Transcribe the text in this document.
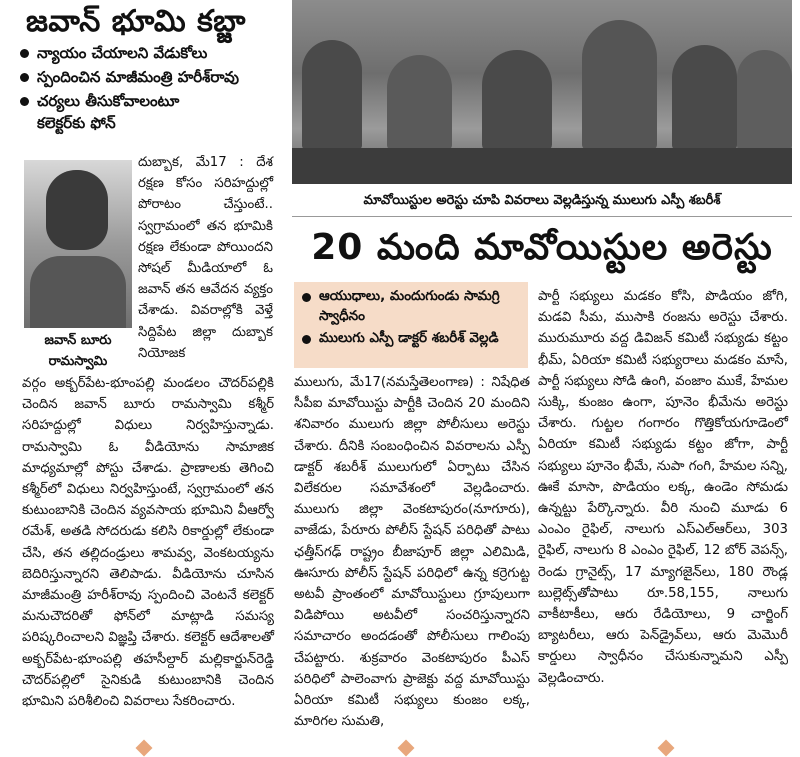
జవాన్ భూమి కబ్జా
న్యాయం చేయాలని వేడుకోలు
స్పందించిన మాజీమంత్రి హరీశ్‌రావు
చర్యలు తీసుకోవాలంటూ కలెక్టర్‌కు ఫోన్
జవాన్ బూరు
రామస్వామి
దుబ్బాక, మే17 : దేశ రక్షణ కోసం సరిహద్దుల్లో పోరాటం చేస్తుంటే.. స్వగ్రామంలో తన భూమికి రక్షణ లేకుండా పోయిందని సోషల్ మీడియాలో ఓ జవాన్ తన ఆవేదన వ్యక్తం చేశాడు. వివరాల్లోకి వెళ్తే సిద్దిపేట జిల్లా దుబ్బాక నియోజక
వర్గం అక్బర్‌పేట-భూంపల్లి మండలం చౌదర్‌పల్లికి చెందిన జవాన్ బూరు రామస్వామి కశ్మీర్ సరిహద్దుల్లో విధులు నిర్వహిస్తున్నాడు. రామస్వామి ఓ వీడియోను సామాజిక మాధ్యమాల్లో పోస్టు చేశాడు. ప్రాణాలకు తెగించి కశ్మీర్‌లో విధులు నిర్వహిస్తుంటే, స్వగ్రామంలో తన కుటుంబానికి చెందిన వ్యవసాయ భూమిని వీఆర్వో రమేశ్, అతడి సోదరుడు కలిసి రికార్డుల్లో లేకుండా చేసి, తన తల్లిదండ్రులు శామవ్వ, వెంకటయ్యను బెదిరిస్తున్నారని తెలిపాడు. వీడియోను చూసిన మాజీమంత్రి హరీశ్‌రావు స్పందించి వెంటనే కలెక్టర్ మనుచౌదరితో ఫోన్‌లో మాట్లాడి సమస్య పరిష్కరించాలని విజ్ఞప్తి చేశారు. కలెక్టర్ ఆదేశాలతో అక్బర్‌పేట-భూంపల్లి తహసీల్దార్ మల్లికార్జున్‌రెడ్డి చౌదర్‌పల్లిలో సైనికుడి కుటుంబానికి చెందిన భూమిని పరిశీలించి వివరాలు సేకరించారు.
మావోయిస్టుల అరెస్టు చూపి వివరాలు వెల్లడిస్తున్న ములుగు ఎస్పీ శబరీశ్
20 మంది మావోయిస్టుల అరెస్టు
ఆయుధాలు, మందుగుండు సామగ్రి స్వాధీనం
ములుగు ఎస్పీ డాక్టర్ శబరీశ్ వెల్లడి
ములుగు, మే17(నమస్తేతెలంగాణ) : నిషేధిత సీపీఐ మావోయిస్టు పార్టీకి చెందిన 20 మందిని శనివారం ములుగు జిల్లా పోలీసులు అరెస్టు చేశారు. దీనికి సంబంధించిన వివరాలను ఎస్పీ డాక్టర్ శబరీశ్ ములుగులో ఏర్పాటు చేసిన విలేకరుల సమావేశంలో వెల్లడించారు. ములుగు జిల్లా వెంకటాపురం(నూగూరు), వాజేడు, పేరూరు పోలీస్ స్టేషన్ పరిధితో పాటు ఛత్తీస్‌గఢ్ రాష్ట్రం బీజాపూర్ జిల్లా ఎలిమిడి, ఊసూరు పోలీస్ స్టేషన్ పరిధిలో ఉన్న కర్రెగుట్ట అటవీ ప్రాంతంలో మావోయిస్టులు గ్రూపులుగా విడిపోయి అటవీలో సంచరిస్తున్నారని సమాచారం అందడంతో పోలీసులు గాలింపు చేపట్టారు. శుక్రవారం వెంకటాపురం పీఎస్ పరిధిలో పాలెంవాగు ప్రాజెక్టు వద్ద మావోయిస్టు ఏరియా కమిటీ సభ్యులు కుంజం లక్క, మారిగల సుమతి,
పార్టీ సభ్యులు మడకం కోసి, పొడియం జోగి, మడవి సీమ, ముసాకి రంజను అరెస్టు చేశారు. మురుమూరు వద్ద డివిజన్ కమిటీ సభ్యుడు కట్టం భీమ్, ఏరియా కమిటీ సభ్యురాలు మడకం మాసే, పార్టీ సభ్యులు సోడి ఉంగి, వంజాం ముకే, హేమల సుక్కి, కుంజం ఉంగా, పూనెం భీమేను అరెస్టు చేశారు. గుట్టల గంగారం గొత్తికోయగూడెంలో ఏరియా కమిటీ సభ్యుడు కట్టం జోగా, పార్టీ సభ్యులు పూనెం భీమే, నుపా గంగి, హేమల సన్ని, ఊకే మాసా, పొడియం లక్క, ఉండెం సోమడు ఉన్నట్టు పేర్కొన్నారు. వీరి నుంచి మూడు 6 ఎంఎం రైఫిల్, నాలుగు ఎస్ఎల్ఆర్‌లు, 303 రైఫిల్, నాలుగు 8 ఎంఎం రైఫిల్, 12 బోర్ వెపన్స్, రెండు గ్రానైట్స్, 17 మ్యాగజైన్‌లు, 180 రౌండ్ల బుల్లెట్స్‌తోపాటు రూ.58,155, నాలుగు వాకీటాకీలు, ఆరు రేడియోలు, 9 చార్జింగ్ బ్యాటరీలు, ఆరు పెన్‌డ్రైవ్‌లు, ఆరు మెమొరీ కార్డులు స్వాధీనం చేసుకున్నామని ఎస్పీ వెల్లడించారు.
